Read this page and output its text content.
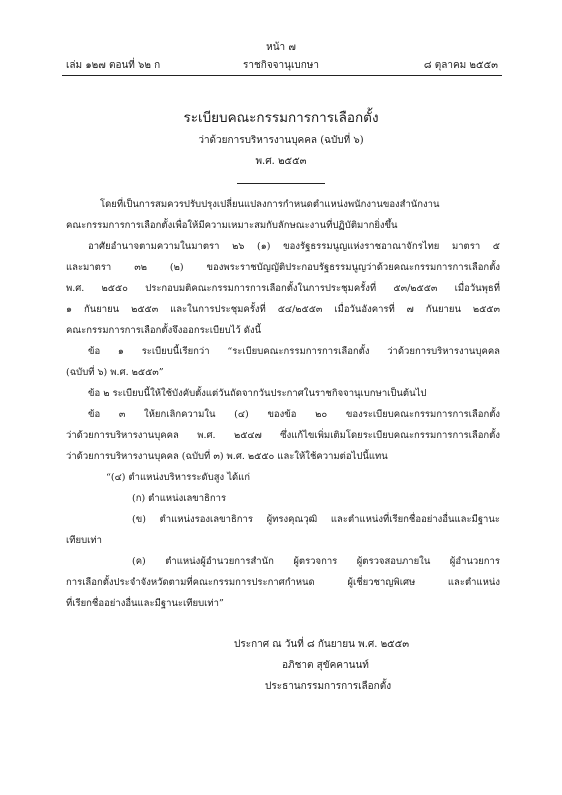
หน้า ๗
เล่ม ๑๒๗ ตอนที่ ๖๒ ก	ราชกิจจานุเบกษา	๘ ตุลาคม ๒๕๕๓
ระเบียบคณะกรรมการการเลือกตั้ง
ว่าด้วยการบริหารงานบุคคล (ฉบับที่ ๖)
พ.ศ. ๒๕๕๓
โดยที่เป็นการสมควรปรับปรุงเปลี่ยนแปลงการกำหนดตำแหน่งพนักงานของสำนักงาน
คณะกรรมการการเลือกตั้งเพื่อให้มีความเหมาะสมกับลักษณะงานที่ปฏิบัติมากยิ่งขึ้น
อาศัยอำนาจตามความในมาตรา ๒๖ (๑) ของรัฐธรรมนูญแห่งราชอาณาจักรไทย มาตรา ๕
และมาตรา ๓๒ (๒) ของพระราชบัญญัติประกอบรัฐธรรมนูญว่าด้วยคณะกรรมการการเลือกตั้ง
พ.ศ. ๒๕๕๐ ประกอบมติคณะกรรมการการเลือกตั้งในการประชุมครั้งที่ ๕๓/๒๕๕๓ เมื่อวันพุธที่
๑ กันยายน ๒๕๕๓ และในการประชุมครั้งที่ ๕๔/๒๕๕๓ เมื่อวันอังคารที่ ๗ กันยายน ๒๕๕๓
คณะกรรมการการเลือกตั้งจึงออกระเบียบไว้ ดังนี้
ข้อ ๑ ระเบียบนี้เรียกว่า “ระเบียบคณะกรรมการการเลือกตั้ง ว่าด้วยการบริหารงานบุคคล
(ฉบับที่ ๖) พ.ศ. ๒๕๕๓”
ข้อ ๒ ระเบียบนี้ให้ใช้บังคับตั้งแต่วันถัดจากวันประกาศในราชกิจจานุเบกษาเป็นต้นไป
ข้อ ๓ ให้ยกเลิกความใน (๔) ของข้อ ๒๐ ของระเบียบคณะกรรมการการเลือกตั้ง
ว่าด้วยการบริหารงานบุคคล พ.ศ. ๒๕๔๗ ซึ่งแก้ไขเพิ่มเติมโดยระเบียบคณะกรรมการการเลือกตั้ง
ว่าด้วยการบริหารงานบุคคล (ฉบับที่ ๓) พ.ศ. ๒๕๕๐ และให้ใช้ความต่อไปนี้แทน
“(๔) ตำแหน่งบริหารระดับสูง ได้แก่
(ก) ตำแหน่งเลขาธิการ
(ข) ตำแหน่งรองเลขาธิการ ผู้ทรงคุณวุฒิ และตำแหน่งที่เรียกชื่ออย่างอื่นและมีฐานะ
เทียบเท่า
(ค) ตำแหน่งผู้อำนวยการสำนัก ผู้ตรวจการ ผู้ตรวจสอบภายใน ผู้อำนวยการ
การเลือกตั้งประจำจังหวัดตามที่คณะกรรมการประกาศกำหนด ผู้เชี่ยวชาญพิเศษ และตำแหน่ง
ที่เรียกชื่ออย่างอื่นและมีฐานะเทียบเท่า”
ประกาศ ณ วันที่ ๘ กันยายน พ.ศ. ๒๕๕๓
อภิชาต สุขัคคานนท์
ประธานกรรมการการเลือกตั้ง
